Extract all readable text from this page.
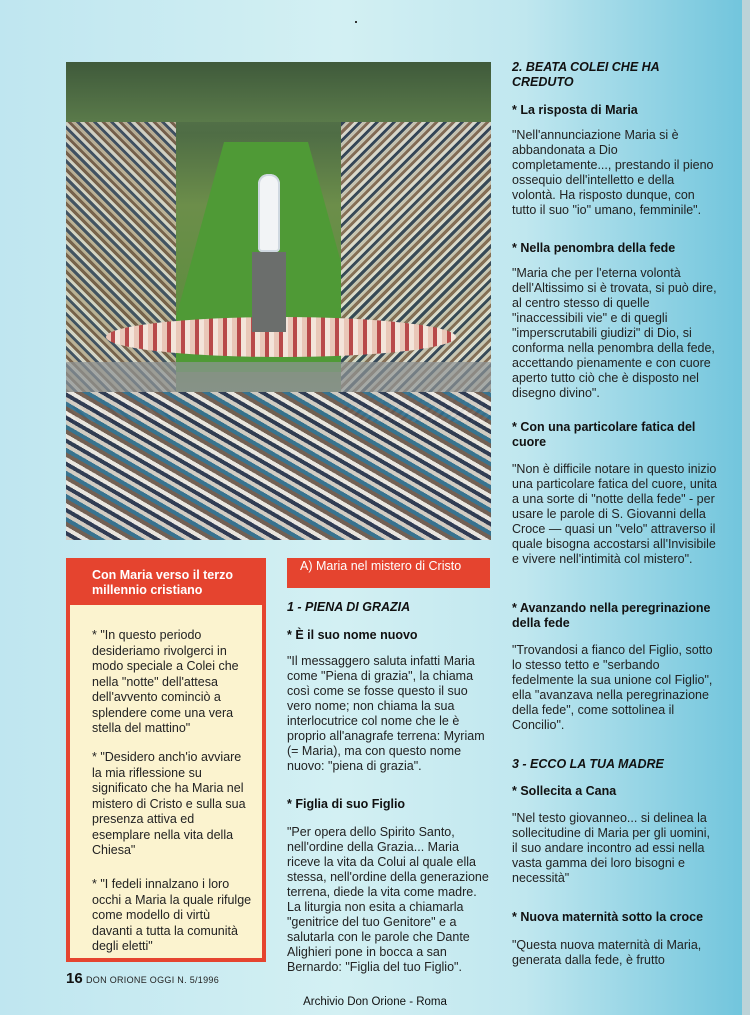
Con Maria verso il terzo millennio cristiano

* "In questo periodo desideriamo rivolgerci in modo speciale a Colei che nella "notte" dell'attesa dell'avvento cominciò a splendere come una vera stella del mattino"

* "Desidero anch'io avviare la mia riflessione su significato che ha Maria nel mistero di Cristo e sulla sua presenza attiva ed esemplare nella vita della Chiesa"

* "I fedeli innalzano i loro occhi a Maria la quale rifulge come modello di virtù davanti a tutta la comunità degli eletti"

A) Maria nel mistero di Cristo
1 - PIENA DI GRAZIA
* È il suo nome nuovo
"Il messaggero saluta infatti Maria come "Piena di grazia", la chiama così come se fosse questo il suo vero nome; non chiama la sua interlocutrice col nome che le è proprio all'anagrafe terrena: Myriam (= Maria), ma con questo nome nuovo: "piena di grazia".
* Figlia di suo Figlio
"Per opera dello Spirito Santo, nell'ordine della Grazia... Maria riceve la vita da Colui al quale ella stessa, nell'ordine della generazione terrena, diede la vita come madre. La liturgia non esita a chiamarla "genitrice del tuo Genitore" e a salutarla con le parole che Dante Alighieri pone in bocca a san Bernardo: "Figlia del tuo Figlio".
2. BEATA COLEI CHE HA CREDUTO
* La risposta di Maria
"Nell'annunciazione Maria si è abbandonata a Dio completamente..., prestando il pieno ossequio dell'intelletto e della volontà. Ha risposto dunque, con tutto il suo "io" umano, femminile".
* Nella penombra della fede
"Maria che per l'eterna volontà dell'Altissimo si è trovata, si può dire, al centro stesso di quelle "inaccessibili vie" e di quegli "imperscrutabili giudizi" di Dio, si conforma nella penombra della fede, accettando pienamente e con cuore aperto tutto ciò che è disposto nel disegno divino".
* Con una particolare fatica del cuore
"Non è difficile notare in questo inizio una particolare fatica del cuore, unita a una sorte di "notte della fede" - per usare le parole di S. Giovanni della Croce — quasi un "velo" attraverso il quale bisogna accostarsi all'Invisibile e vivere nell'intimità col mistero".
* Avanzando nella peregrinazione della fede
"Trovandosi a fianco del Figlio, sotto lo stesso tetto e "serbando fedelmente la sua unione col Figlio", ella "avanzava nella peregrinazione della fede", come sottolinea il Concilio".
3 - ECCO LA TUA MADRE
* Sollecita a Cana
"Nel testo giovanneo... si delinea la sollecitudine di Maria per gli uomini, il suo andare incontro ad essi nella vasta gamma dei loro bisogni e necessità"
* Nuova maternità sotto la croce
"Questa nuova maternità di Maria, generata dalla fede, è frutto
16 DON ORIONE OGGI N. 5/1996
Archivio Don Orione - Roma
